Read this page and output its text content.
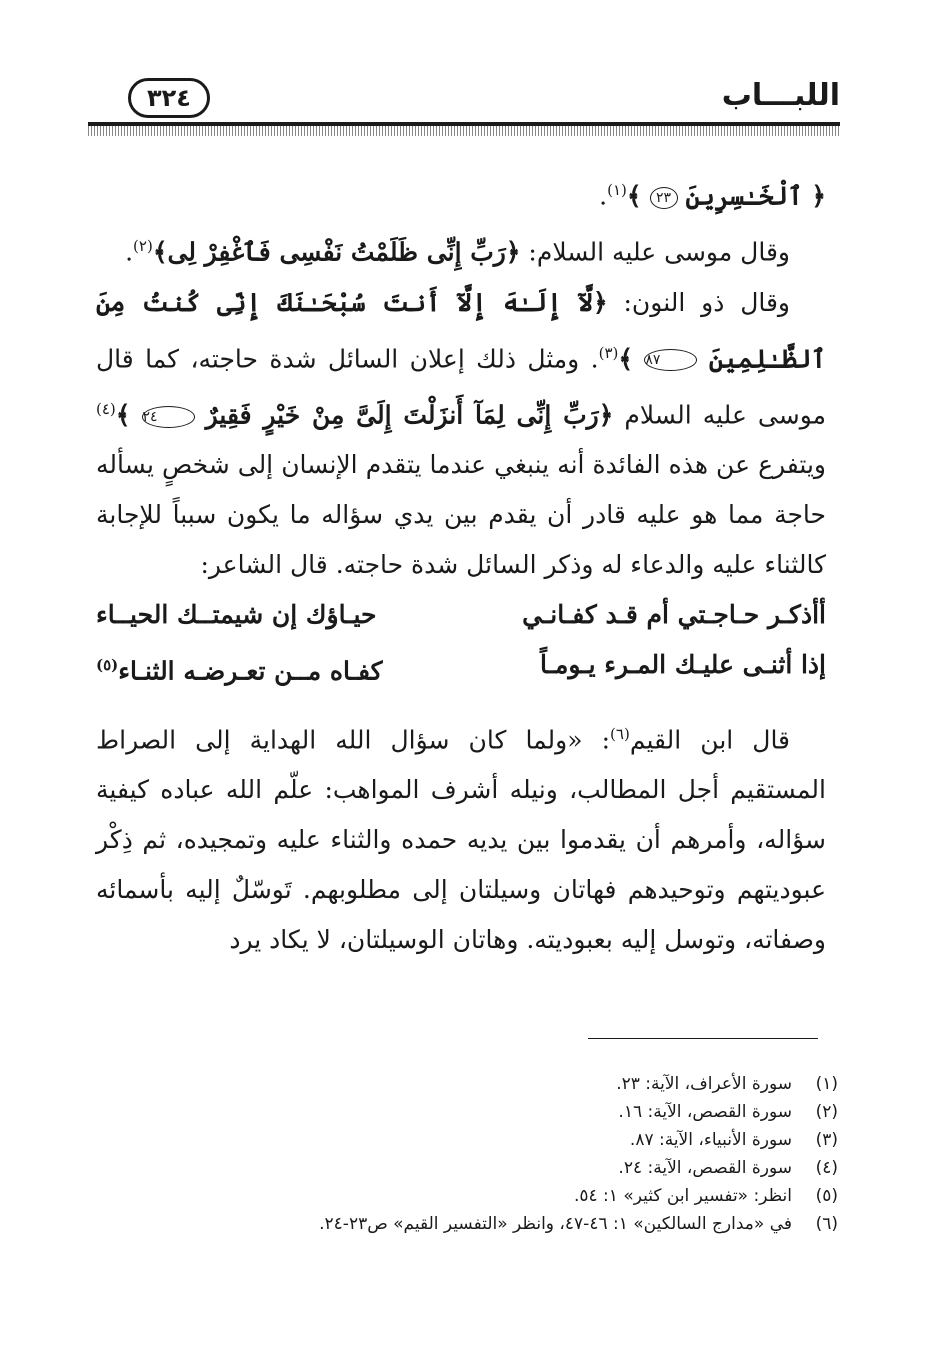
اللبـــاب
٣٢٤

﴿ ٱلْخَـٰسِرِينَ ٢٣ ﴾$^{(١)}$.

وقال موسى عليه السلام: ﴿رَبِّ إِنِّى ظَلَمْتُ نَفْسِى فَٱغْفِرْ لِى﴾$^{(٢)}$.

وقال ذو النون: ﴿لَّآ إِلَـٰهَ إِلَّآ أَنتَ سُبْحَـٰنَكَ إِنِّى كُنتُ مِنَ ٱلظَّـٰلِمِينَ ٨٧ ﴾$^{(٣)}$. ومثل ذلك إعلان السائل شدة حاجته، كما قال موسى عليه السلام ﴿رَبِّ إِنِّى لِمَآ أَنزَلْتَ إِلَىَّ مِنْ خَيْرٍ فَقِيرٌ ٢٤ ﴾$^{(٤)}$ ويتفرع عن هذه الفائدة أنه ينبغي عندما يتقدم الإنسان إلى شخصٍ يسأله حاجة مما هو عليه قادر أن يقدم بين يدي سؤاله ما يكون سبباً للإجابة كالثناء عليه والدعاء له وذكر السائل شدة حاجته. قال الشاعر:

أأذكـر حـاجـتي أم قـد كفـانـي
حيـاؤك إن شيمتــك الحيــاء
إذا أثنـى عليـك المـرء يـومـاً
كفـاه مــن تعـرضـه الثنـاء$^{(٥)}$

قال ابن القيم$^{(٦)}$: «ولما كان سؤال الله الهداية إلى الصراط المستقيم أجل المطالب، ونيله أشرف المواهب: علّم الله عباده كيفية سؤاله، وأمرهم أن يقدموا بين يديه حمده والثناء عليه وتمجيده، ثم ذِكْر عبوديتهم وتوحيدهم فهاتان وسيلتان إلى مطلوبهم. تَوسّلٌ إليه بأسمائه وصفاته، وتوسل إليه بعبوديته. وهاتان الوسيلتان، لا يكاد يرد

(١)
سورة الأعراف، الآية: ٢٣.
(٢)
سورة القصص، الآية: ١٦.
(٣)
سورة الأنبياء، الآية: ٨٧.
(٤)
سورة القصص، الآية: ٢٤.
(٥)
انظر: «تفسير ابن كثير» ١: ٥٤.
(٦)
في «مدارج السالكين» ١: ٤٦-٤٧، وانظر «التفسير القيم» ص٢٣-٢٤.
